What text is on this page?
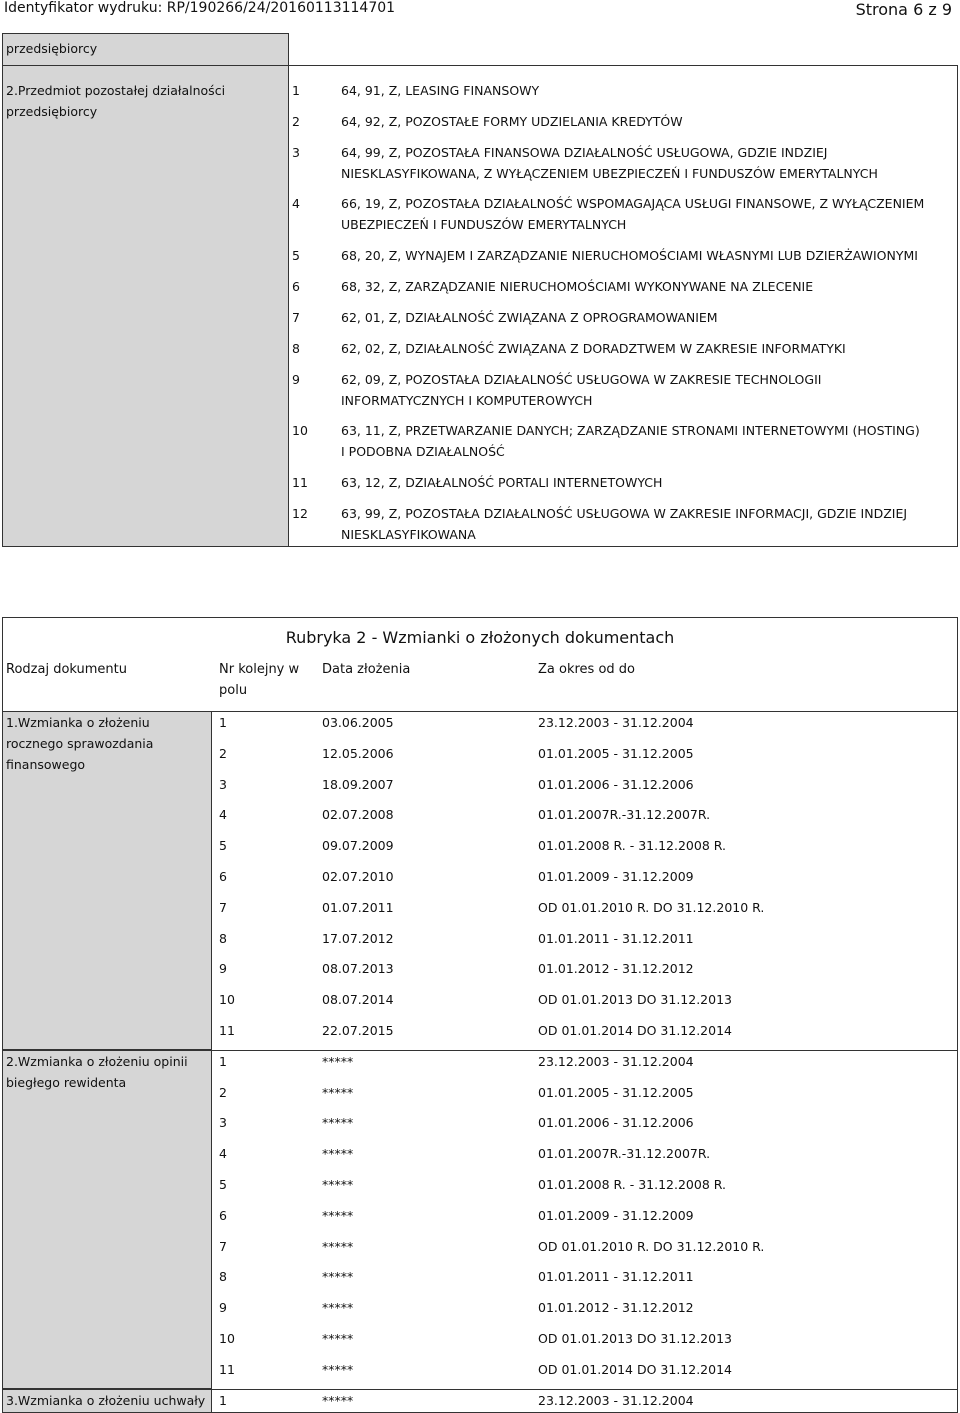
Identyfikator wydruku: RP/190266/24/20160113114701	Strona 6 z 9
przedsiębiorcy
2.Przedmiot pozostałej działalności
przedsiębiorcy
1	64, 91, Z, LEASING FINANSOWY
2	64, 92, Z, POZOSTAŁE FORMY UDZIELANIA KREDYTÓW
3	64, 99, Z, POZOSTAŁA FINANSOWA DZIAŁALNOŚĆ USŁUGOWA, GDZIE INDZIEJ
NIESKLASYFIKOWANA, Z WYŁĄCZENIEM UBEZPIECZEŃ I FUNDUSZÓW EMERYTALNYCH
4	66, 19, Z, POZOSTAŁA DZIAŁALNOŚĆ WSPOMAGAJĄCA USŁUGI FINANSOWE, Z WYŁĄCZENIEM
UBEZPIECZEŃ I FUNDUSZÓW EMERYTALNYCH
5	68, 20, Z, WYNAJEM I ZARZĄDZANIE NIERUCHOMOŚCIAMI WŁASNYMI LUB DZIERŻAWIONYMI
6	68, 32, Z, ZARZĄDZANIE NIERUCHOMOŚCIAMI WYKONYWANE NA ZLECENIE
7	62, 01, Z, DZIAŁALNOŚĆ ZWIĄZANA Z OPROGRAMOWANIEM
8	62, 02, Z, DZIAŁALNOŚĆ ZWIĄZANA Z DORADZTWEM W ZAKRESIE INFORMATYKI
9	62, 09, Z, POZOSTAŁA DZIAŁALNOŚĆ USŁUGOWA W ZAKRESIE TECHNOLOGII
INFORMATYCZNYCH I KOMPUTEROWYCH
10	63, 11, Z, PRZETWARZANIE DANYCH; ZARZĄDZANIE STRONAMI INTERNETOWYMI (HOSTING)
I PODOBNA DZIAŁALNOŚĆ
11	63, 12, Z, DZIAŁALNOŚĆ PORTALI INTERNETOWYCH
12	63, 99, Z, POZOSTAŁA DZIAŁALNOŚĆ USŁUGOWA W ZAKRESIE INFORMACJI, GDZIE INDZIEJ
NIESKLASYFIKOWANA
Rubryka 2 - Wzmianki o złożonych dokumentach
Rodzaj dokumentu	Nr kolejny w
polu
Data złożenia	Za okres od do
1.Wzmianka o złożeniu
rocznego sprawozdania
finansowego
1	03.06.2005	23.12.2003 - 31.12.2004
2	12.05.2006	01.01.2005 - 31.12.2005
3	18.09.2007	01.01.2006 - 31.12.2006
4	02.07.2008	01.01.2007R.-31.12.2007R.
5	09.07.2009	01.01.2008 R. - 31.12.2008 R.
6	02.07.2010	01.01.2009 - 31.12.2009
7	01.07.2011	OD 01.01.2010 R. DO 31.12.2010 R.
8	17.07.2012	01.01.2011 - 31.12.2011
9	08.07.2013	01.01.2012 - 31.12.2012
10	08.07.2014	OD 01.01.2013 DO 31.12.2013
11	22.07.2015	OD 01.01.2014 DO 31.12.2014
2.Wzmianka o złożeniu opinii
biegłego rewidenta
1	*****	23.12.2003 - 31.12.2004
2	*****	01.01.2005 - 31.12.2005
3	*****	01.01.2006 - 31.12.2006
4	*****	01.01.2007R.-31.12.2007R.
5	*****	01.01.2008 R. - 31.12.2008 R.
6	*****	01.01.2009 - 31.12.2009
7	*****	OD 01.01.2010 R. DO 31.12.2010 R.
8	*****	01.01.2011 - 31.12.2011
9	*****	01.01.2012 - 31.12.2012
10	*****	OD 01.01.2013 DO 31.12.2013
11	*****	OD 01.01.2014 DO 31.12.2014
3.Wzmianka o złożeniu uchwały 1	*****	23.12.2003 - 31.12.2004
